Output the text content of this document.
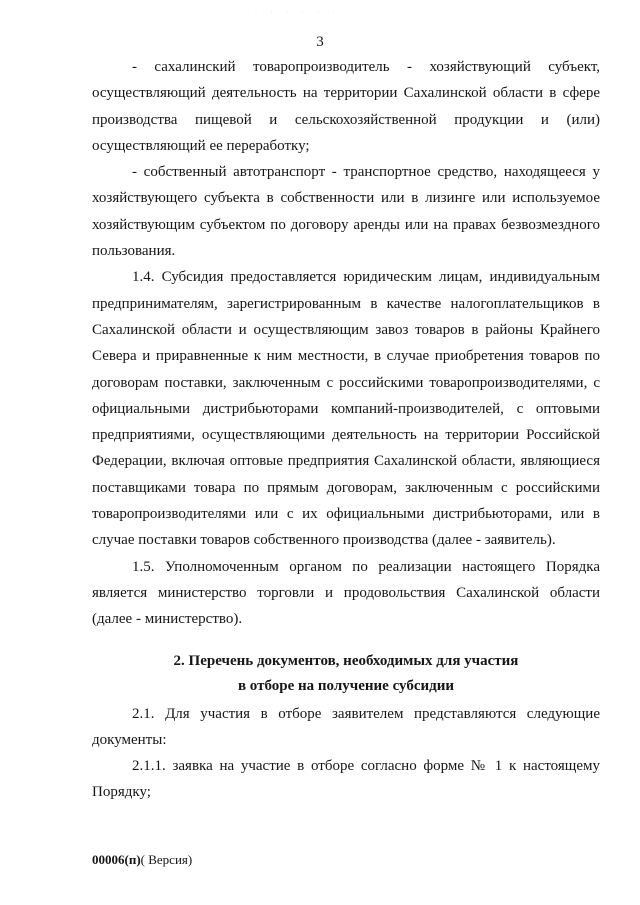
· · · · · ·
3

- сахалинский товаропроизводитель - хозяйствующий субъект, осуществляющий деятельность на территории Сахалинской области в сфере производства пищевой и сельскохозяйственной продукции и (или) осуществляющий ее переработку;

- собственный автотранспорт - транспортное средство, находящееся у хозяйствующего субъекта в собственности или в лизинге или используемое хозяйствующим субъектом по договору аренды или на правах безвозмездного пользования.

1.4. Субсидия предоставляется юридическим лицам, индивидуальным предпринимателям, зарегистрированным в качестве налогоплательщиков в Сахалинской области и осуществляющим завоз товаров в районы Крайнего Севера и приравненные к ним местности, в случае приобретения товаров по договорам поставки, заключенным с российскими товаропроизводителями, с официальными дистрибьюторами компаний-производителей, с оптовыми предприятиями, осуществляющими деятельность на территории Российской Федерации, включая оптовые предприятия Сахалинской области, являющиеся поставщиками товара по прямым договорам, заключенным с российскими товаропроизводителями или с их официальными дистрибьюторами, или в случае поставки товаров собственного производства (далее - заявитель).

1.5. Уполномоченным органом по реализации настоящего Порядка является министерство торговли и продовольствия Сахалинской области (далее - министерство).

2. Перечень документов, необходимых для участия
в отборе на получение субсидии

2.1. Для участия в отборе заявителем представляются следующие документы:

2.1.1. заявка на участие в отборе согласно форме № 1 к настоящему Порядку;

00006(п)( Версия)
